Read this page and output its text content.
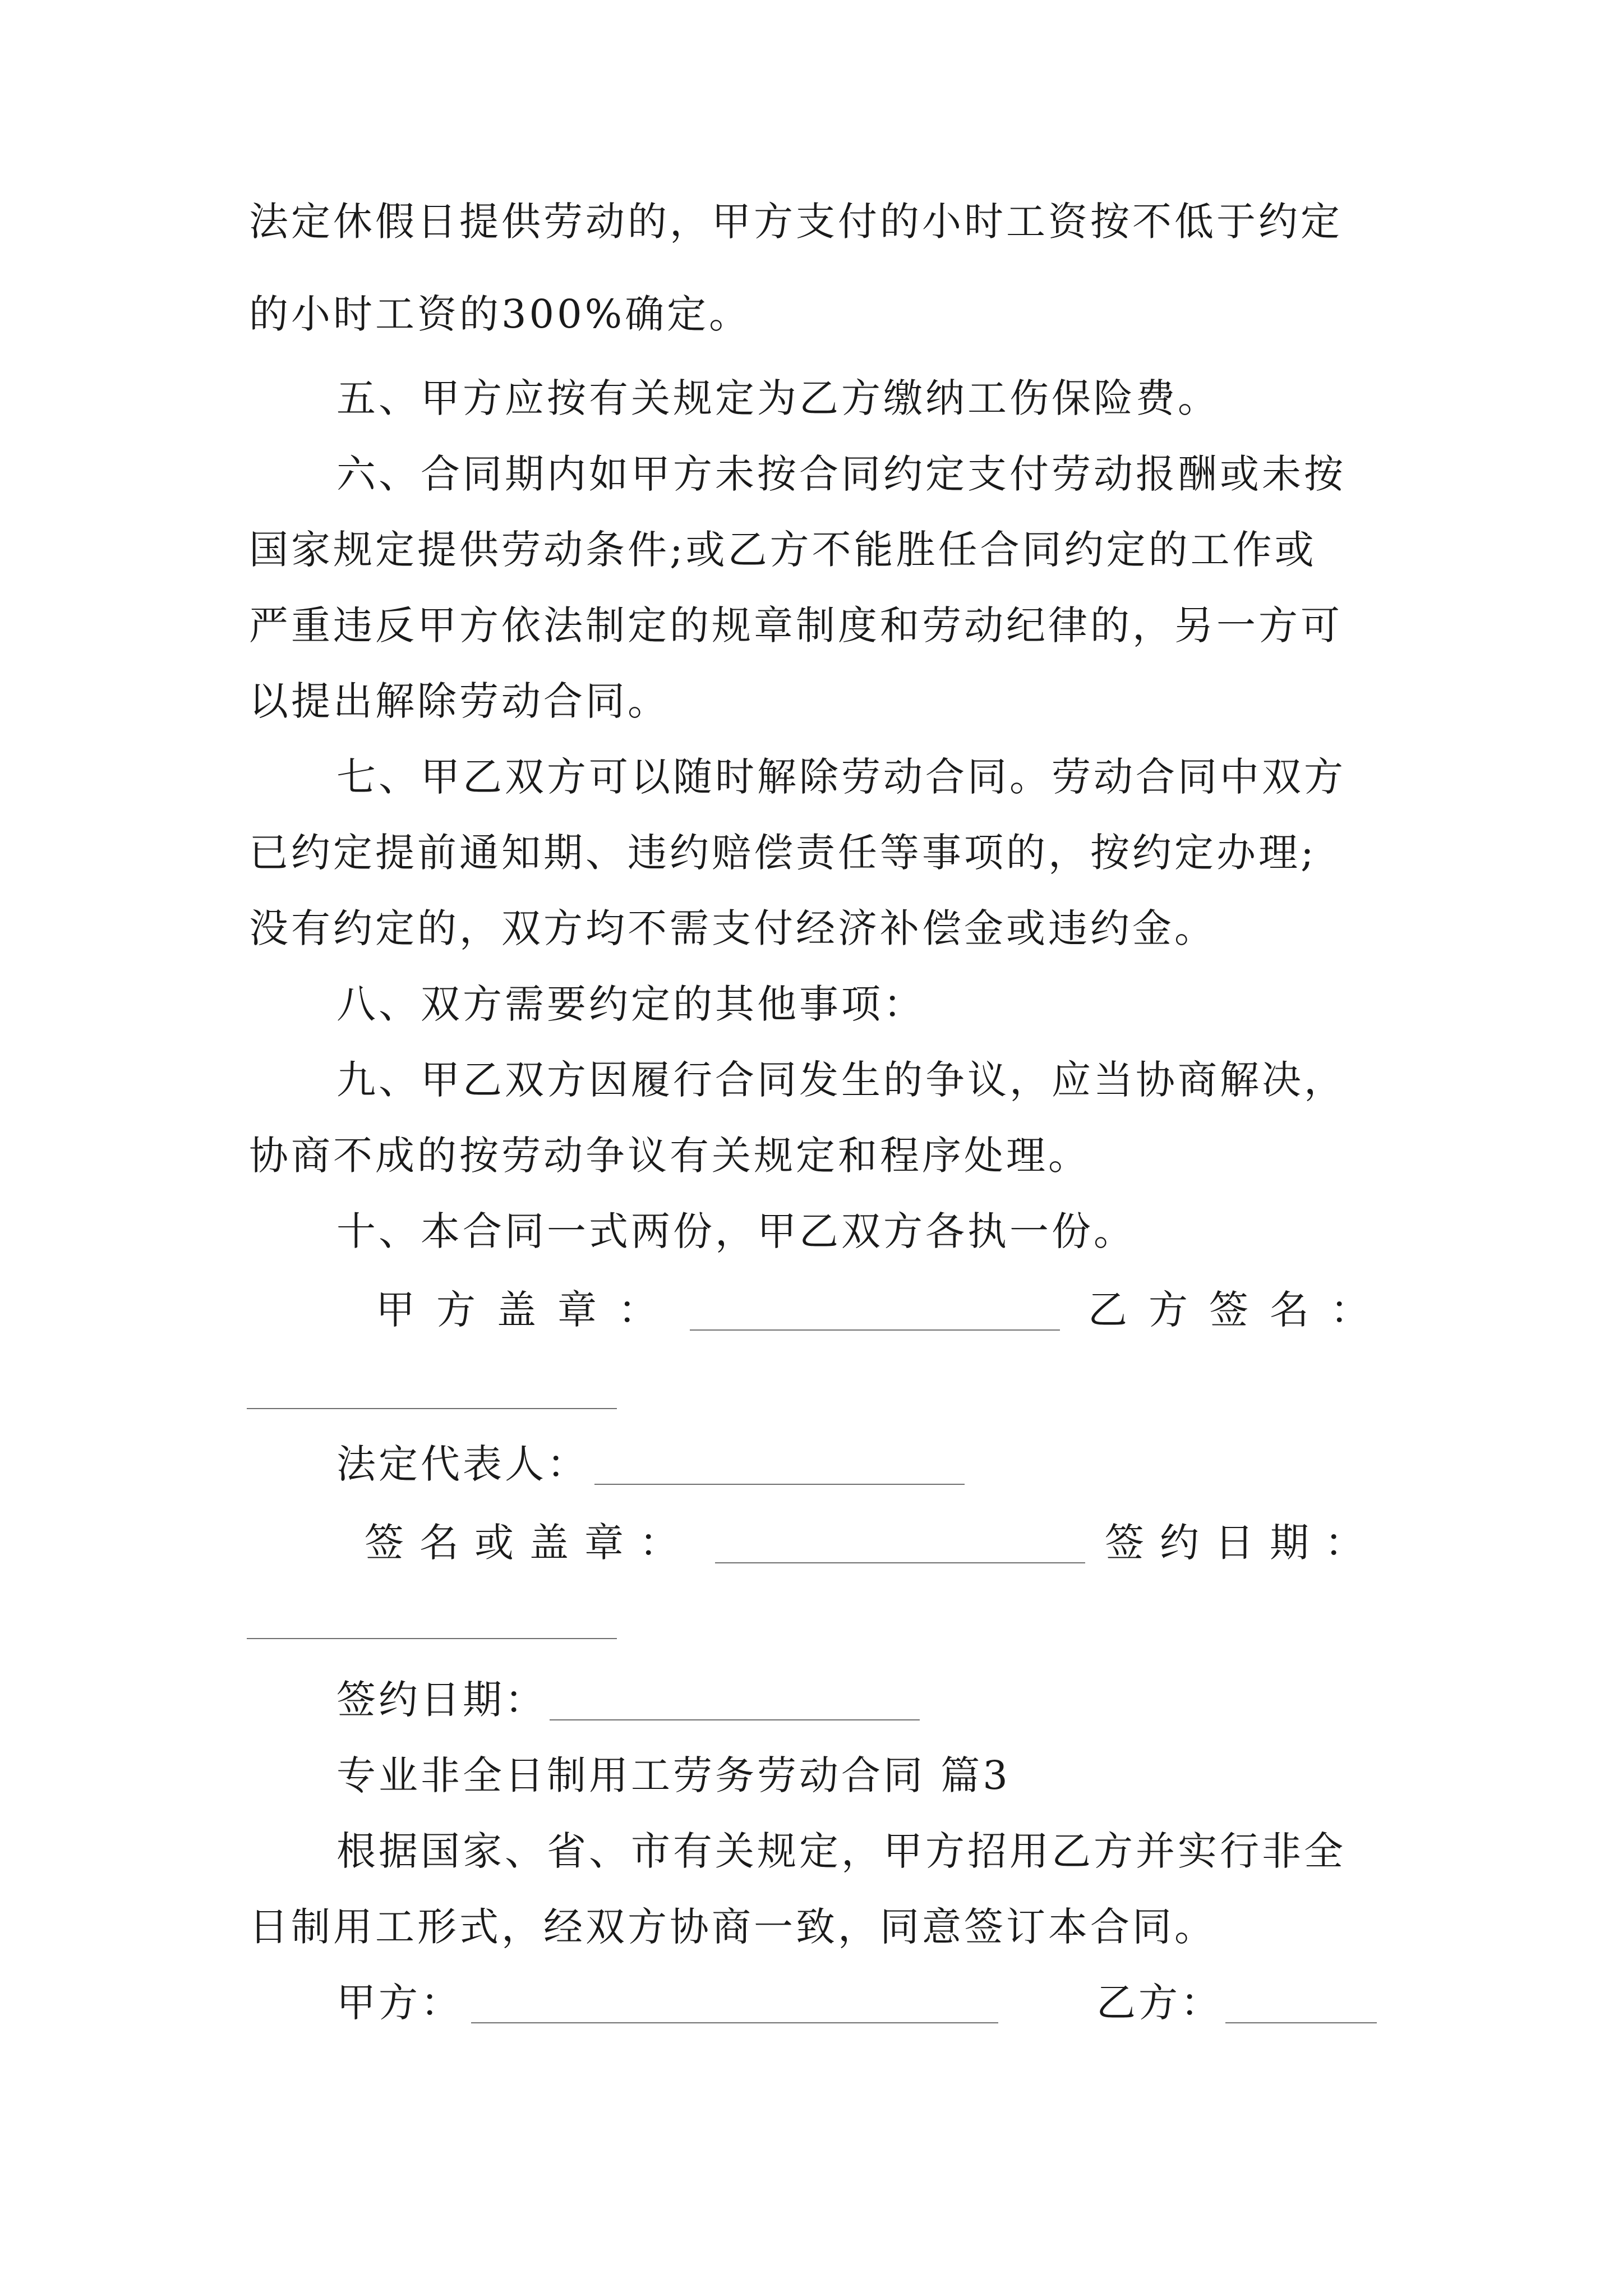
法定休假日提供劳动的，甲方支付的小时工资按不低于约定
的小时工资的300%确定。
五、甲方应按有关规定为乙方缴纳工伤保险费。
六、合同期内如甲方未按合同约定支付劳动报酬或未按
国家规定提供劳动条件;或乙方不能胜任合同约定的工作或
严重违反甲方依法制定的规章制度和劳动纪律的，另一方可
以提出解除劳动合同。
七、甲乙双方可以随时解除劳动合同。劳动合同中双方
已约定提前通知期、违约赔偿责任等事项的，按约定办理;
没有约定的，双方均不需支付经济补偿金或违约金。
八、双方需要约定的其他事项：
九、甲乙双方因履行合同发生的争议，应当协商解决，
协商不成的按劳动争议有关规定和程序处理。
十、本合同一式两份，甲乙双方各执一份。
甲方盖章：	乙方签名：
法定代表人：
签名或盖章：	签约日期：
签约日期：
专业非全日制用工劳务劳动合同 篇3
根据国家、省、市有关规定，甲方招用乙方并实行非全
日制用工形式，经双方协商一致，同意签订本合同。
甲方：	乙方：
